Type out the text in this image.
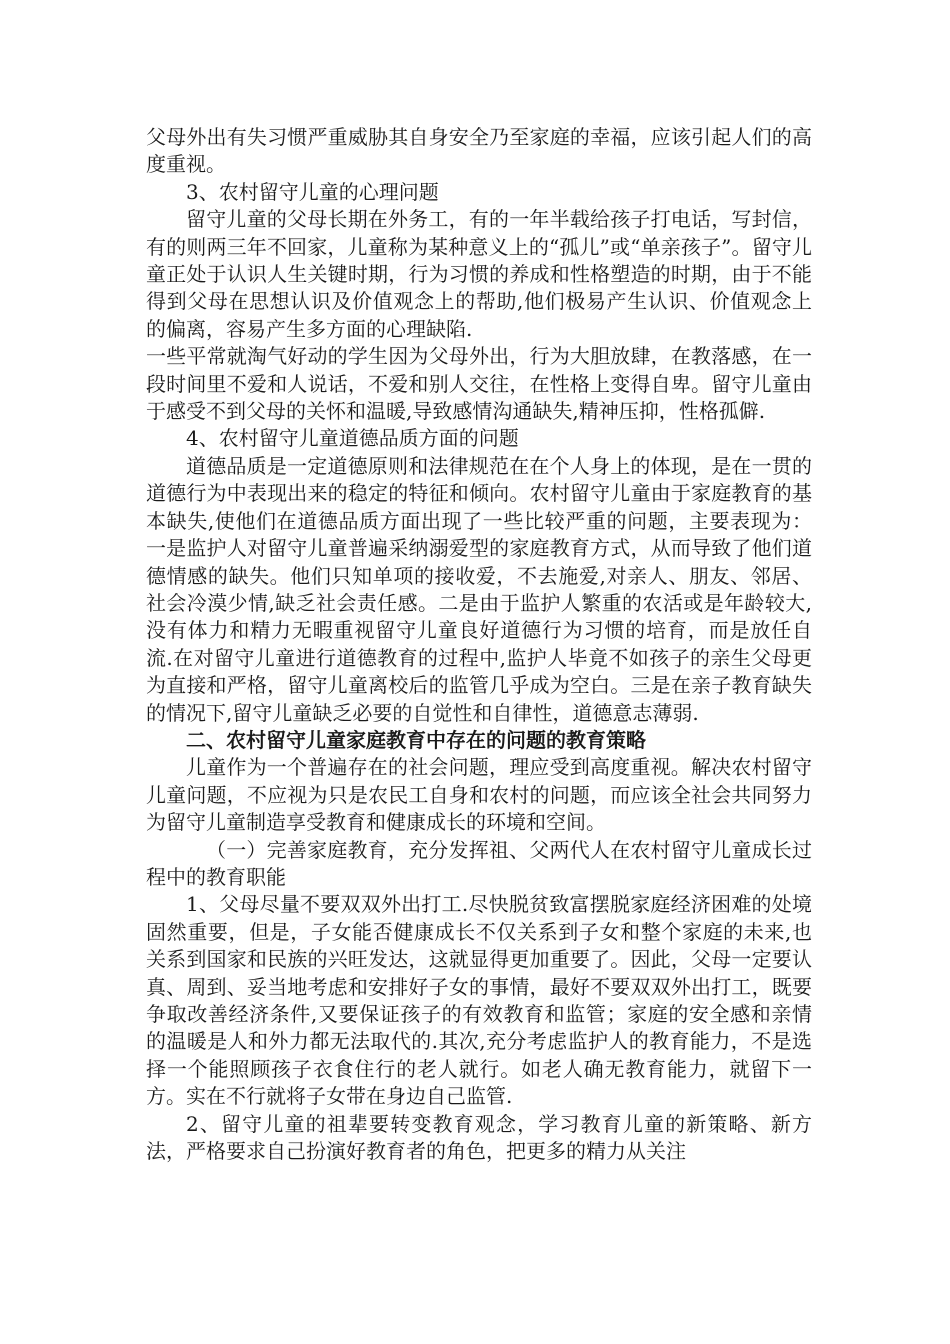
父母外出有失习惯严重威胁其自身安全乃至家庭的幸福，应该引起人们的高度重视。

3、农村留守儿童的心理问题

留守儿童的父母长期在外务工，有的一年半载给孩子打电话，写封信，有的则两三年不回家，儿童称为某种意义上的“孤儿”或“单亲孩子”。留守儿童正处于认识人生关键时期，行为习惯的养成和性格塑造的时期，由于不能得到父母在思想认识及价值观念上的帮助,他们极易产生认识、价值观念上的偏离，容易产生多方面的心理缺陷.

一些平常就淘气好动的学生因为父母外出，行为大胆放肆，在教落感，在一段时间里不爱和人说话，不爱和别人交往，在性格上变得自卑。留守儿童由于感受不到父母的关怀和温暖,导致感情沟通缺失,精神压抑，性格孤僻.

4、农村留守儿童道德品质方面的问题

道德品质是一定道德原则和法律规范在在个人身上的体现，是在一贯的道德行为中表现出来的稳定的特征和倾向。农村留守儿童由于家庭教育的基本缺失,使他们在道德品质方面出现了一些比较严重的问题，主要表现为：一是监护人对留守儿童普遍采纳溺爱型的家庭教育方式，从而导致了他们道德情感的缺失。他们只知单项的接收爱，不去施爱,对亲人、朋友、邻居、社会冷漠少情,缺乏社会责任感。二是由于监护人繁重的农活或是年龄较大,没有体力和精力无暇重视留守儿童良好道德行为习惯的培育，而是放任自流.在对留守儿童进行道德教育的过程中,监护人毕竟不如孩子的亲生父母更为直接和严格，留守儿童离校后的监管几乎成为空白。三是在亲子教育缺失的情况下,留守儿童缺乏必要的自觉性和自律性，道德意志薄弱.

二、农村留守儿童家庭教育中存在的问题的教育策略

儿童作为一个普遍存在的社会问题，理应受到高度重视。解决农村留守儿童问题，不应视为只是农民工自身和农村的问题，而应该全社会共同努力为留守儿童制造享受教育和健康成长的环境和空间。

（一）完善家庭教育，充分发挥祖、父两代人在农村留守儿童成长过程中的教育职能

1、父母尽量不要双双外出打工.尽快脱贫致富摆脱家庭经济困难的处境固然重要，但是，子女能否健康成长不仅关系到子女和整个家庭的未来,也关系到国家和民族的兴旺发达，这就显得更加重要了。因此，父母一定要认真、周到、妥当地考虑和安排好子女的事情，最好不要双双外出打工，既要争取改善经济条件,又要保证孩子的有效教育和监管；家庭的安全感和亲情的温暖是人和外力都无法取代的.其次,充分考虑监护人的教育能力，不是选择一个能照顾孩子衣食住行的老人就行。如老人确无教育能力，就留下一方。实在不行就将子女带在身边自己监管.

2、留守儿童的祖辈要转变教育观念，学习教育儿童的新策略、新方法，严格要求自己扮演好教育者的角色，把更多的精力从关注
